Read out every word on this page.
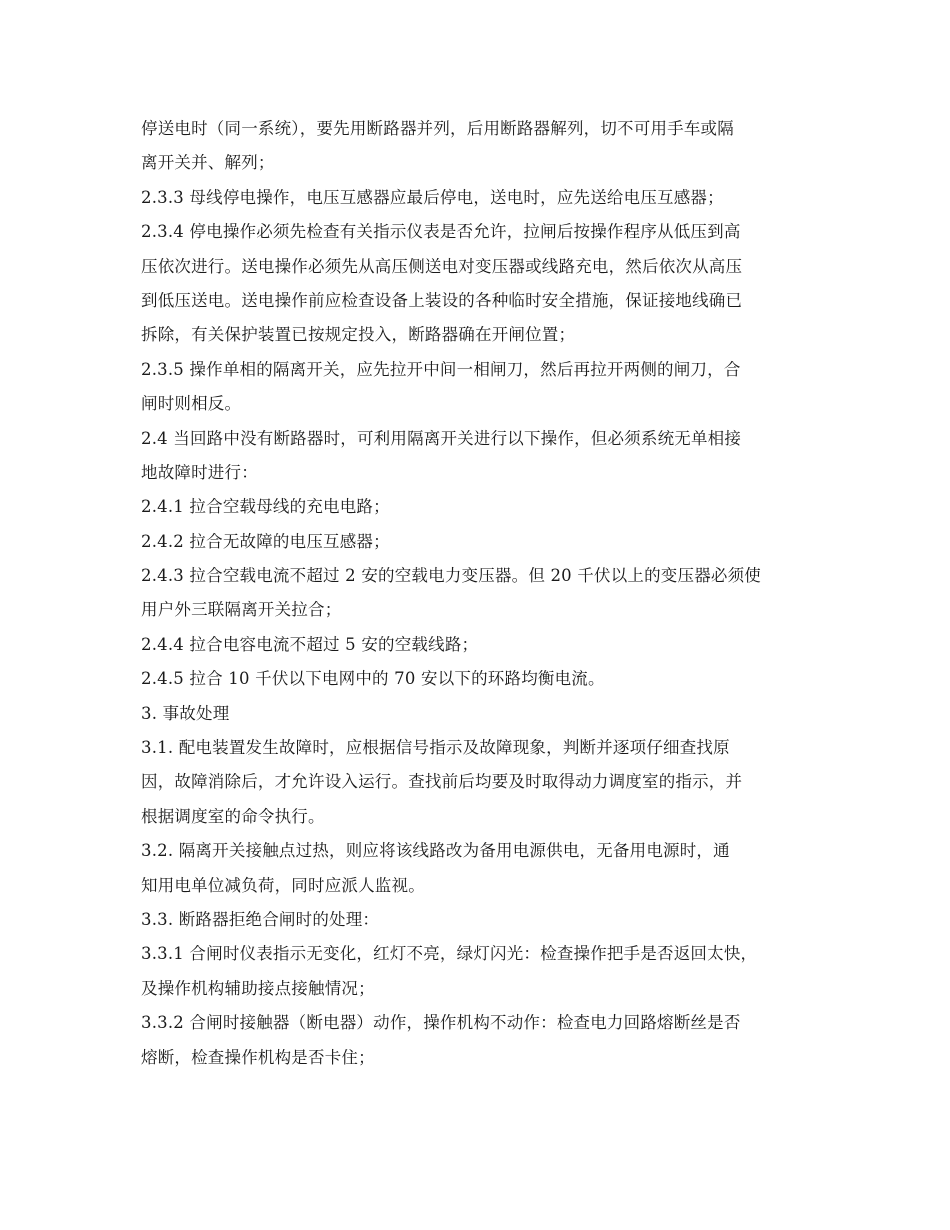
停送电时（同一系统），要先用断路器并列，后用断路器解列，切不可用手车或隔
离开关并、解列；
2.3.3 母线停电操作，电压互感器应最后停电，送电时，应先送给电压互感器；
2.3.4 停电操作必须先检查有关指示仪表是否允许，拉闸后按操作程序从低压到高
压依次进行。送电操作必须先从高压侧送电对变压器或线路充电，然后依次从高压
到低压送电。送电操作前应检查设备上装设的各种临时安全措施，保证接地线确已
拆除，有关保护装置已按规定投入，断路器确在开闸位置；
2.3.5 操作单相的隔离开关，应先拉开中间一相闸刀，然后再拉开两侧的闸刀，合
闸时则相反。
2.4 当回路中没有断路器时，可利用隔离开关进行以下操作，但必须系统无单相接
地故障时进行：
2.4.1 拉合空载母线的充电电路；
2.4.2 拉合无故障的电压互感器；
2.4.3 拉合空载电流不超过 2 安的空载电力变压器。但 20 千伏以上的变压器必须使
用户外三联隔离开关拉合；
2.4.4 拉合电容电流不超过 5 安的空载线路；
2.4.5 拉合 10 千伏以下电网中的 70 安以下的环路均衡电流。
3. 事故处理
3.1. 配电装置发生故障时，应根据信号指示及故障现象，判断并逐项仔细查找原
因，故障消除后，才允许设入运行。查找前后均要及时取得动力调度室的指示，并
根据调度室的命令执行。
3.2. 隔离开关接触点过热，则应将该线路改为备用电源供电，无备用电源时，通
知用电单位减负荷，同时应派人监视。
3.3. 断路器拒绝合闸时的处理：
3.3.1 合闸时仪表指示无变化，红灯不亮，绿灯闪光：检查操作把手是否返回太快，
及操作机构辅助接点接触情况；
3.3.2 合闸时接触器（断电器）动作，操作机构不动作：检查电力回路熔断丝是否
熔断，检查操作机构是否卡住；
